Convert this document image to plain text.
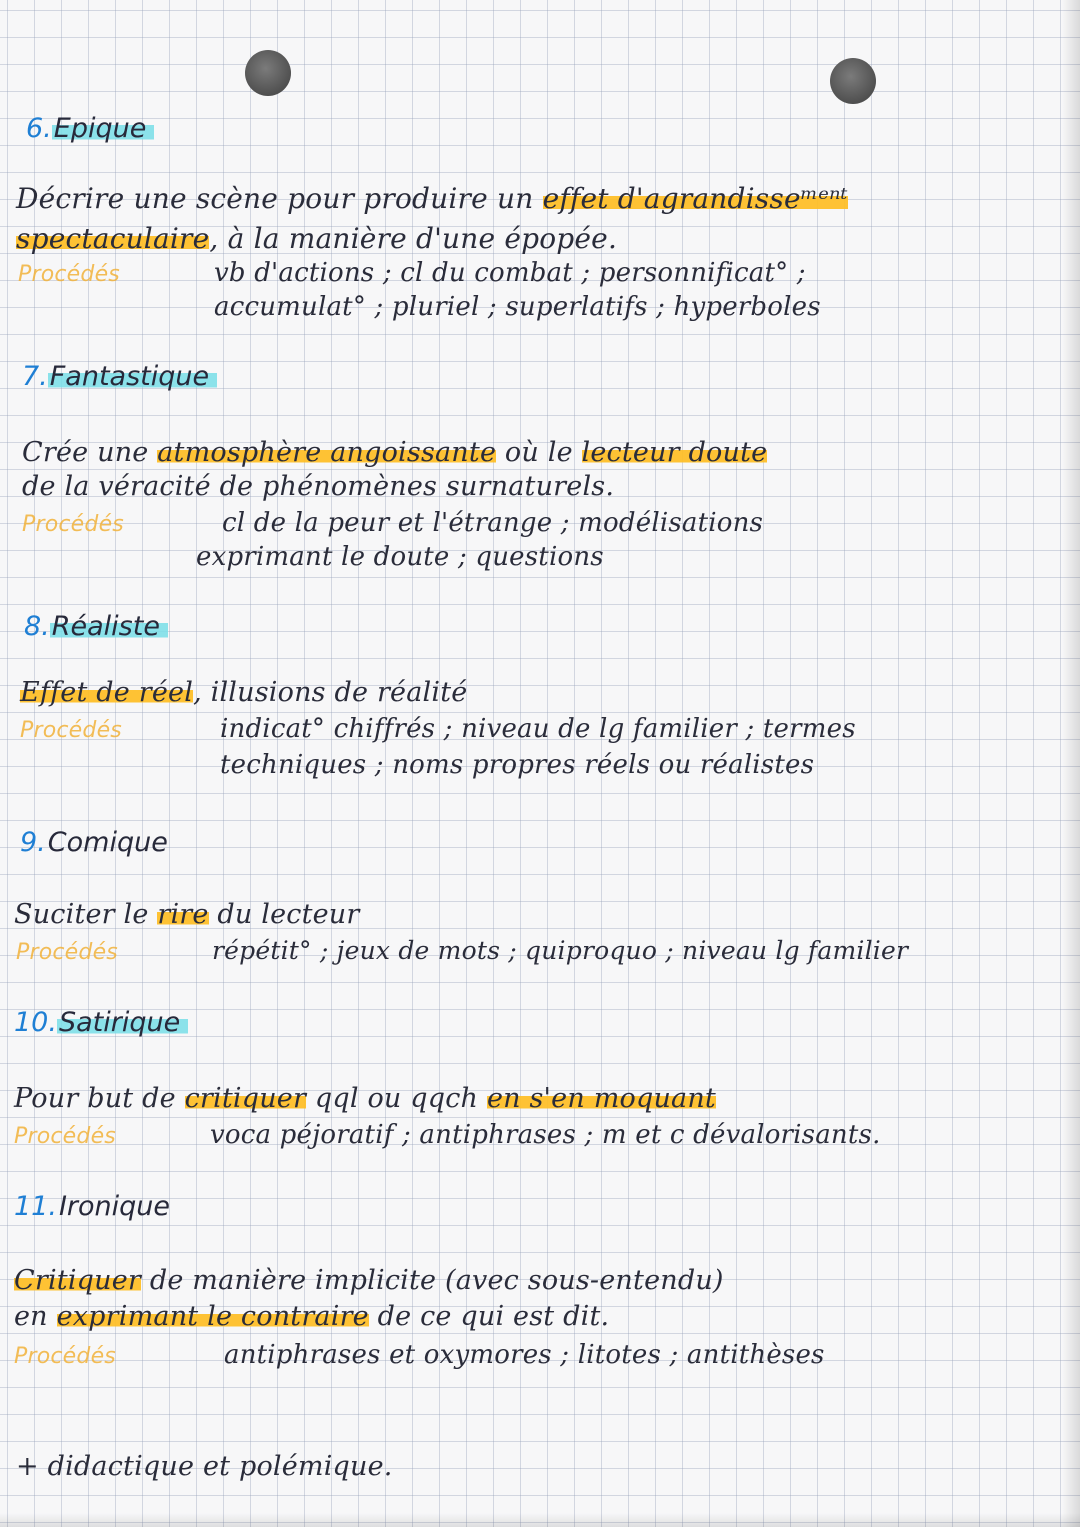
6.Epique
Décrire une scène pour produire un effet d'agrandisseᵐᵉⁿᵗ
spectaculaire, à la manière d'une épopée.
Procédés	vb d'actions ; cl du combat ; personnificat° ;
accumulat° ; pluriel ; superlatifs ; hyperboles
7.Fantastique
Crée une atmosphère angoissante où le lecteur doute
de la véracité de phénomènes surnaturels.
Procédés	cl de la peur et l'étrange ; modélisations
exprimant le doute ; questions
8.Réaliste
Effet de réel, illusions de réalité
Procédés	indicat° chiffrés ; niveau de lg familier ; termes
techniques ; noms propres réels ou réalistes
9.Comique
Suciter le rire du lecteur
Procédés	répétit° ; jeux de mots ; quiproquo ; niveau lg familier
10.Satirique
Pour but de critiquer qql ou qqch en s'en moquant
Procédés	voca péjoratif ; antiphrases ; m et c dévalorisants.
11.Ironique
Critiquer de manière implicite (avec sous-entendu)
en exprimant le contraire de ce qui est dit.
Procédés	antiphrases et oxymores ; litotes ; antithèses
+ didactique et polémique.
